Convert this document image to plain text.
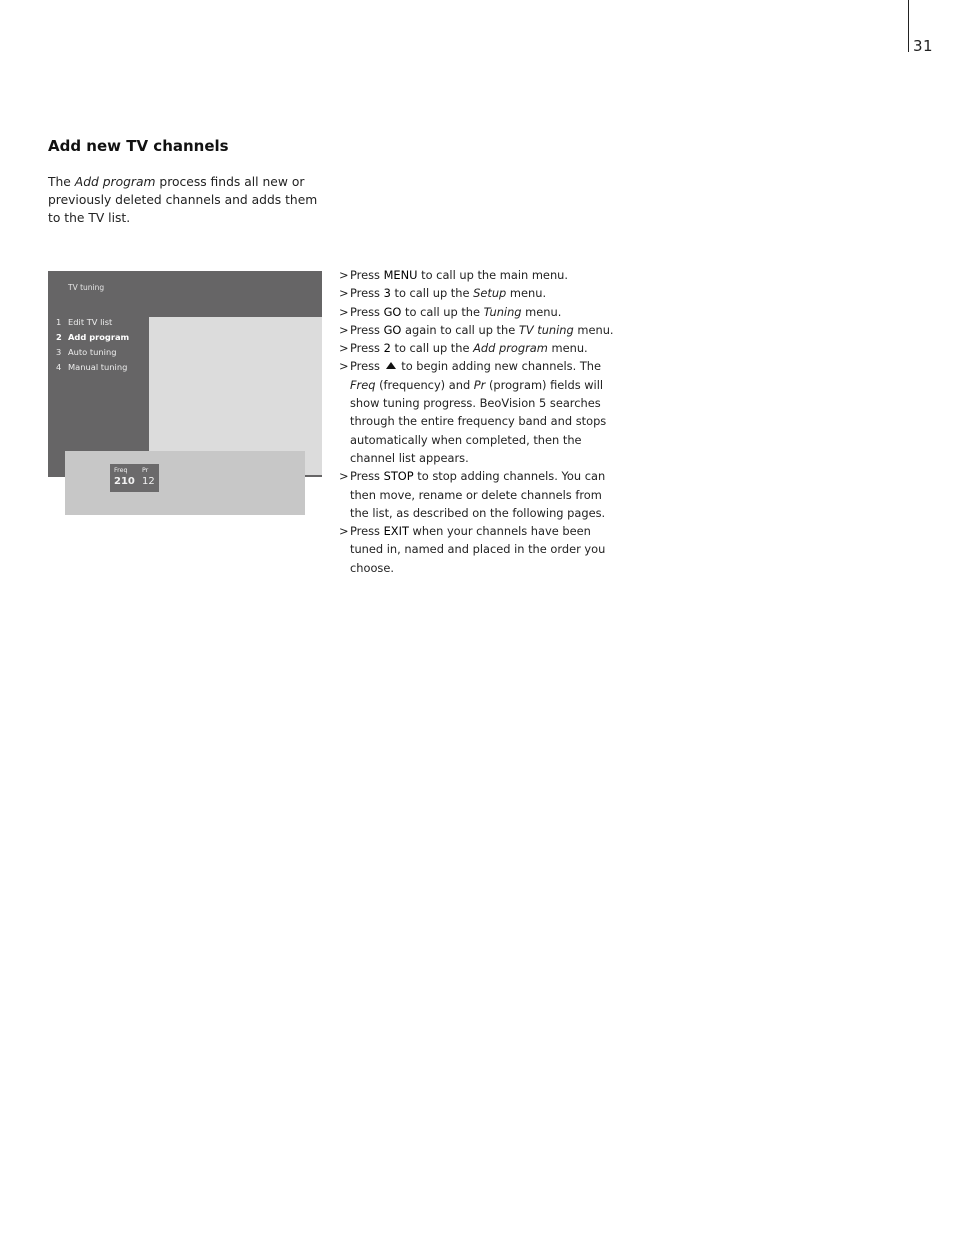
31
Add new TV channels

The Add program process finds all new or previously deleted channels and adds them to the TV list.

TV tuning
1 Edit TV list
2 Add program
3 Auto tuning
4 Manual tuning
Freq Pr
210 12
> Press MENU to call up the main menu.
> Press 3 to call up the Setup menu.
> Press GO to call up the Tuning menu.
> Press GO again to call up the TV tuning menu.
> Press 2 to call up the Add program menu.
> Press  to begin adding new channels. The Freq (frequency) and Pr (program) fields will show tuning progress. BeoVision 5 searches through the entire frequency band and stops automatically when completed, then the channel list appears.
> Press STOP to stop adding channels. You can then move, rename or delete channels from the list, as described on the following pages.
> Press EXIT when your channels have been tuned in, named and placed in the order you choose.
